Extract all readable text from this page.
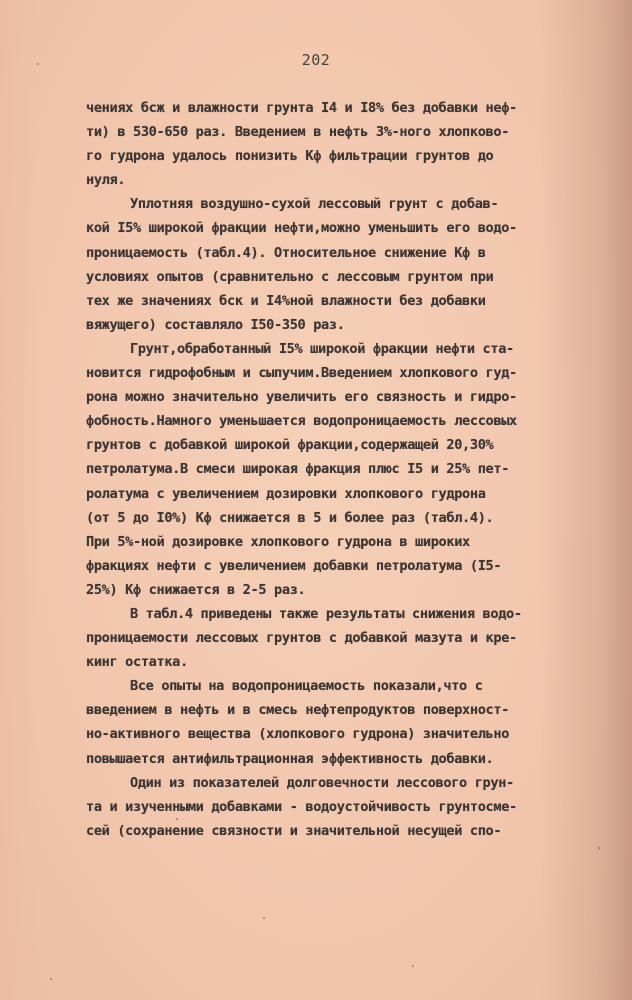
202
чениях бсж и влажности грунта I4 и I8% без добавки неф-
ти) в 530-650 раз. Введением в нефть 3%-ного хлопково-
го гудрона удалось понизить Кф фильтрации грунтов до
нуля.
Уплотняя воздушно-сухой лессовый грунт с добав-
кой I5% широкой фракции нефти,можно уменьшить его водо-
проницаемость (табл.4). Относительное снижение Кф в
условиях опытов (сравнительно с лессовым грунтом при
тех же значениях бск и I4%ной влажности без добавки
вяжущего) составляло I50-350 раз.
Грунт,обработанный I5% широкой фракции нефти ста-
новится гидрофобным и сыпучим.Введением хлопкового гуд-
рона можно значительно увеличить его связность и гидро-
фобность.Намного уменьшается водопроницаемость лессовых
грунтов с добавкой широкой фракции,содержащей 20,30%
петролатума.В смеси широкая фракция плюс I5 и 25% пет-
ролатума с увеличением дозировки хлопкового гудрона
(от 5 до I0%) Кф снижается в 5 и более раз (табл.4).
При 5%-ной дозировке хлопкового гудрона в широких
фракциях нефти с увеличением добавки петролатума (I5-
25%) Кф снижается в 2-5 раз.
В табл.4 приведены также результаты снижения водо-
проницаемости лессовых грунтов с добавкой мазута и кре-
кинг остатка.
Все опыты на водопроницаемость показали,что с
введением в нефть и в смесь нефтепродуктов поверхност-
но-активного вещества (хлопкового гудрона) значительно
повышается антифильтрационная эффективность добавки.
Один из показателей долговечности лессового грун-
та и изученными добавками - водоустойчивость грунтосме-
сей (сохранение связности и значительной несущей спо-
